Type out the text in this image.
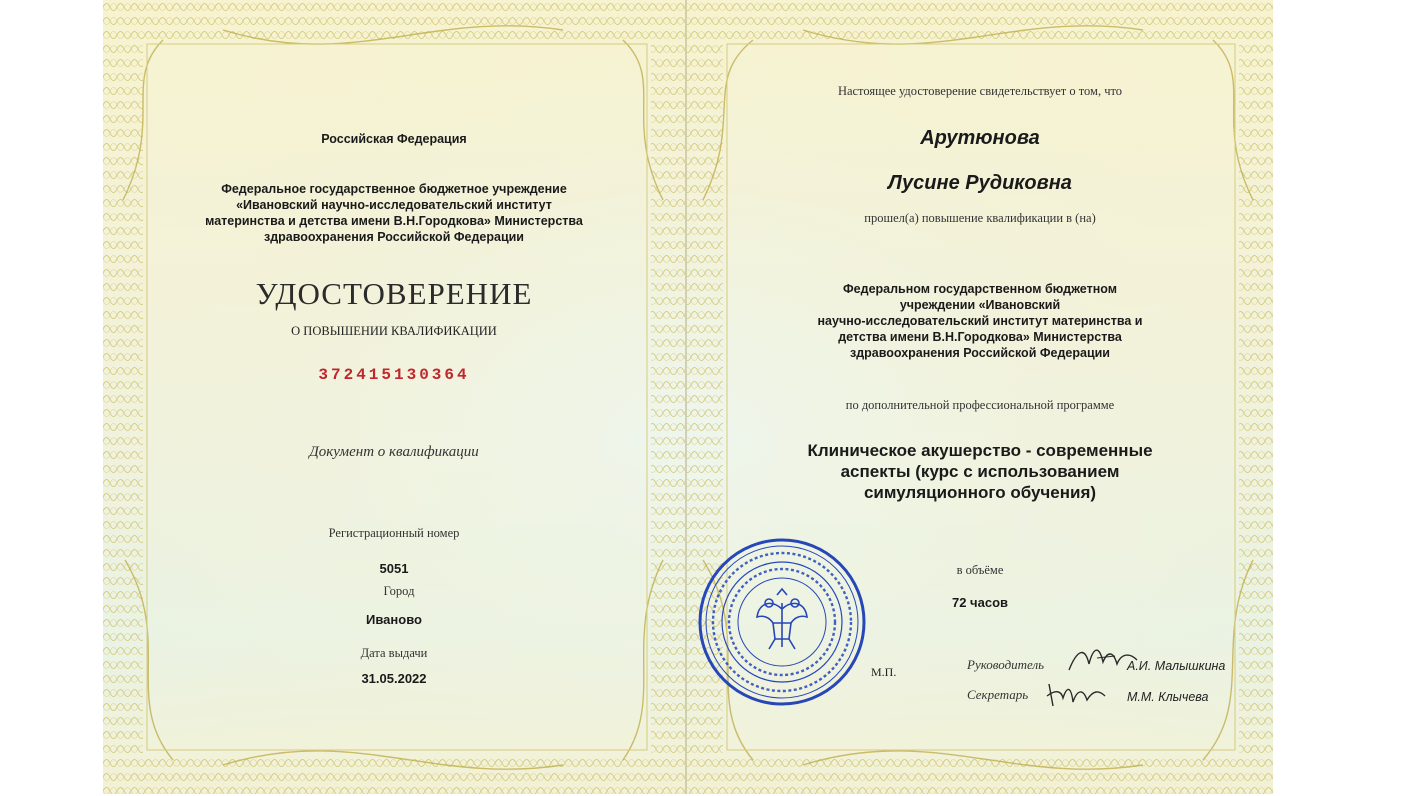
Российская Федерация
Федеральное государственное бюджетное учреждение
«Ивановский научно-исследовательский институт
материнства и детства имени В.Н.Городкова» Министерства
здравоохранения Российской Федерации
УДОСТОВЕРЕНИЕ
О ПОВЫШЕНИИ КВАЛИФИКАЦИИ
372415130364
Документ о квалификации
Регистрационный номер
5051
Город
Иваново
Дата выдачи
31.05.2022
Настоящее удостоверение свидетельствует о том, что
Арутюнова
Лусине Рудиковна
прошел(а) повышение квалификации в (на)
Федеральном государственном бюджетном
учреждении «Ивановский
научно-исследовательский институт материнства и
детства имени В.Н.Городкова» Министерства
здравоохранения Российской Федерации
по дополнительной профессиональной программе
Клиническое акушерство - современные
аспекты (курс с использованием
симуляционного обучения)
в объёме
72 часов
М.П.	Руководитель	А.И. Малышкина
Секретарь	М.М. Клычева
